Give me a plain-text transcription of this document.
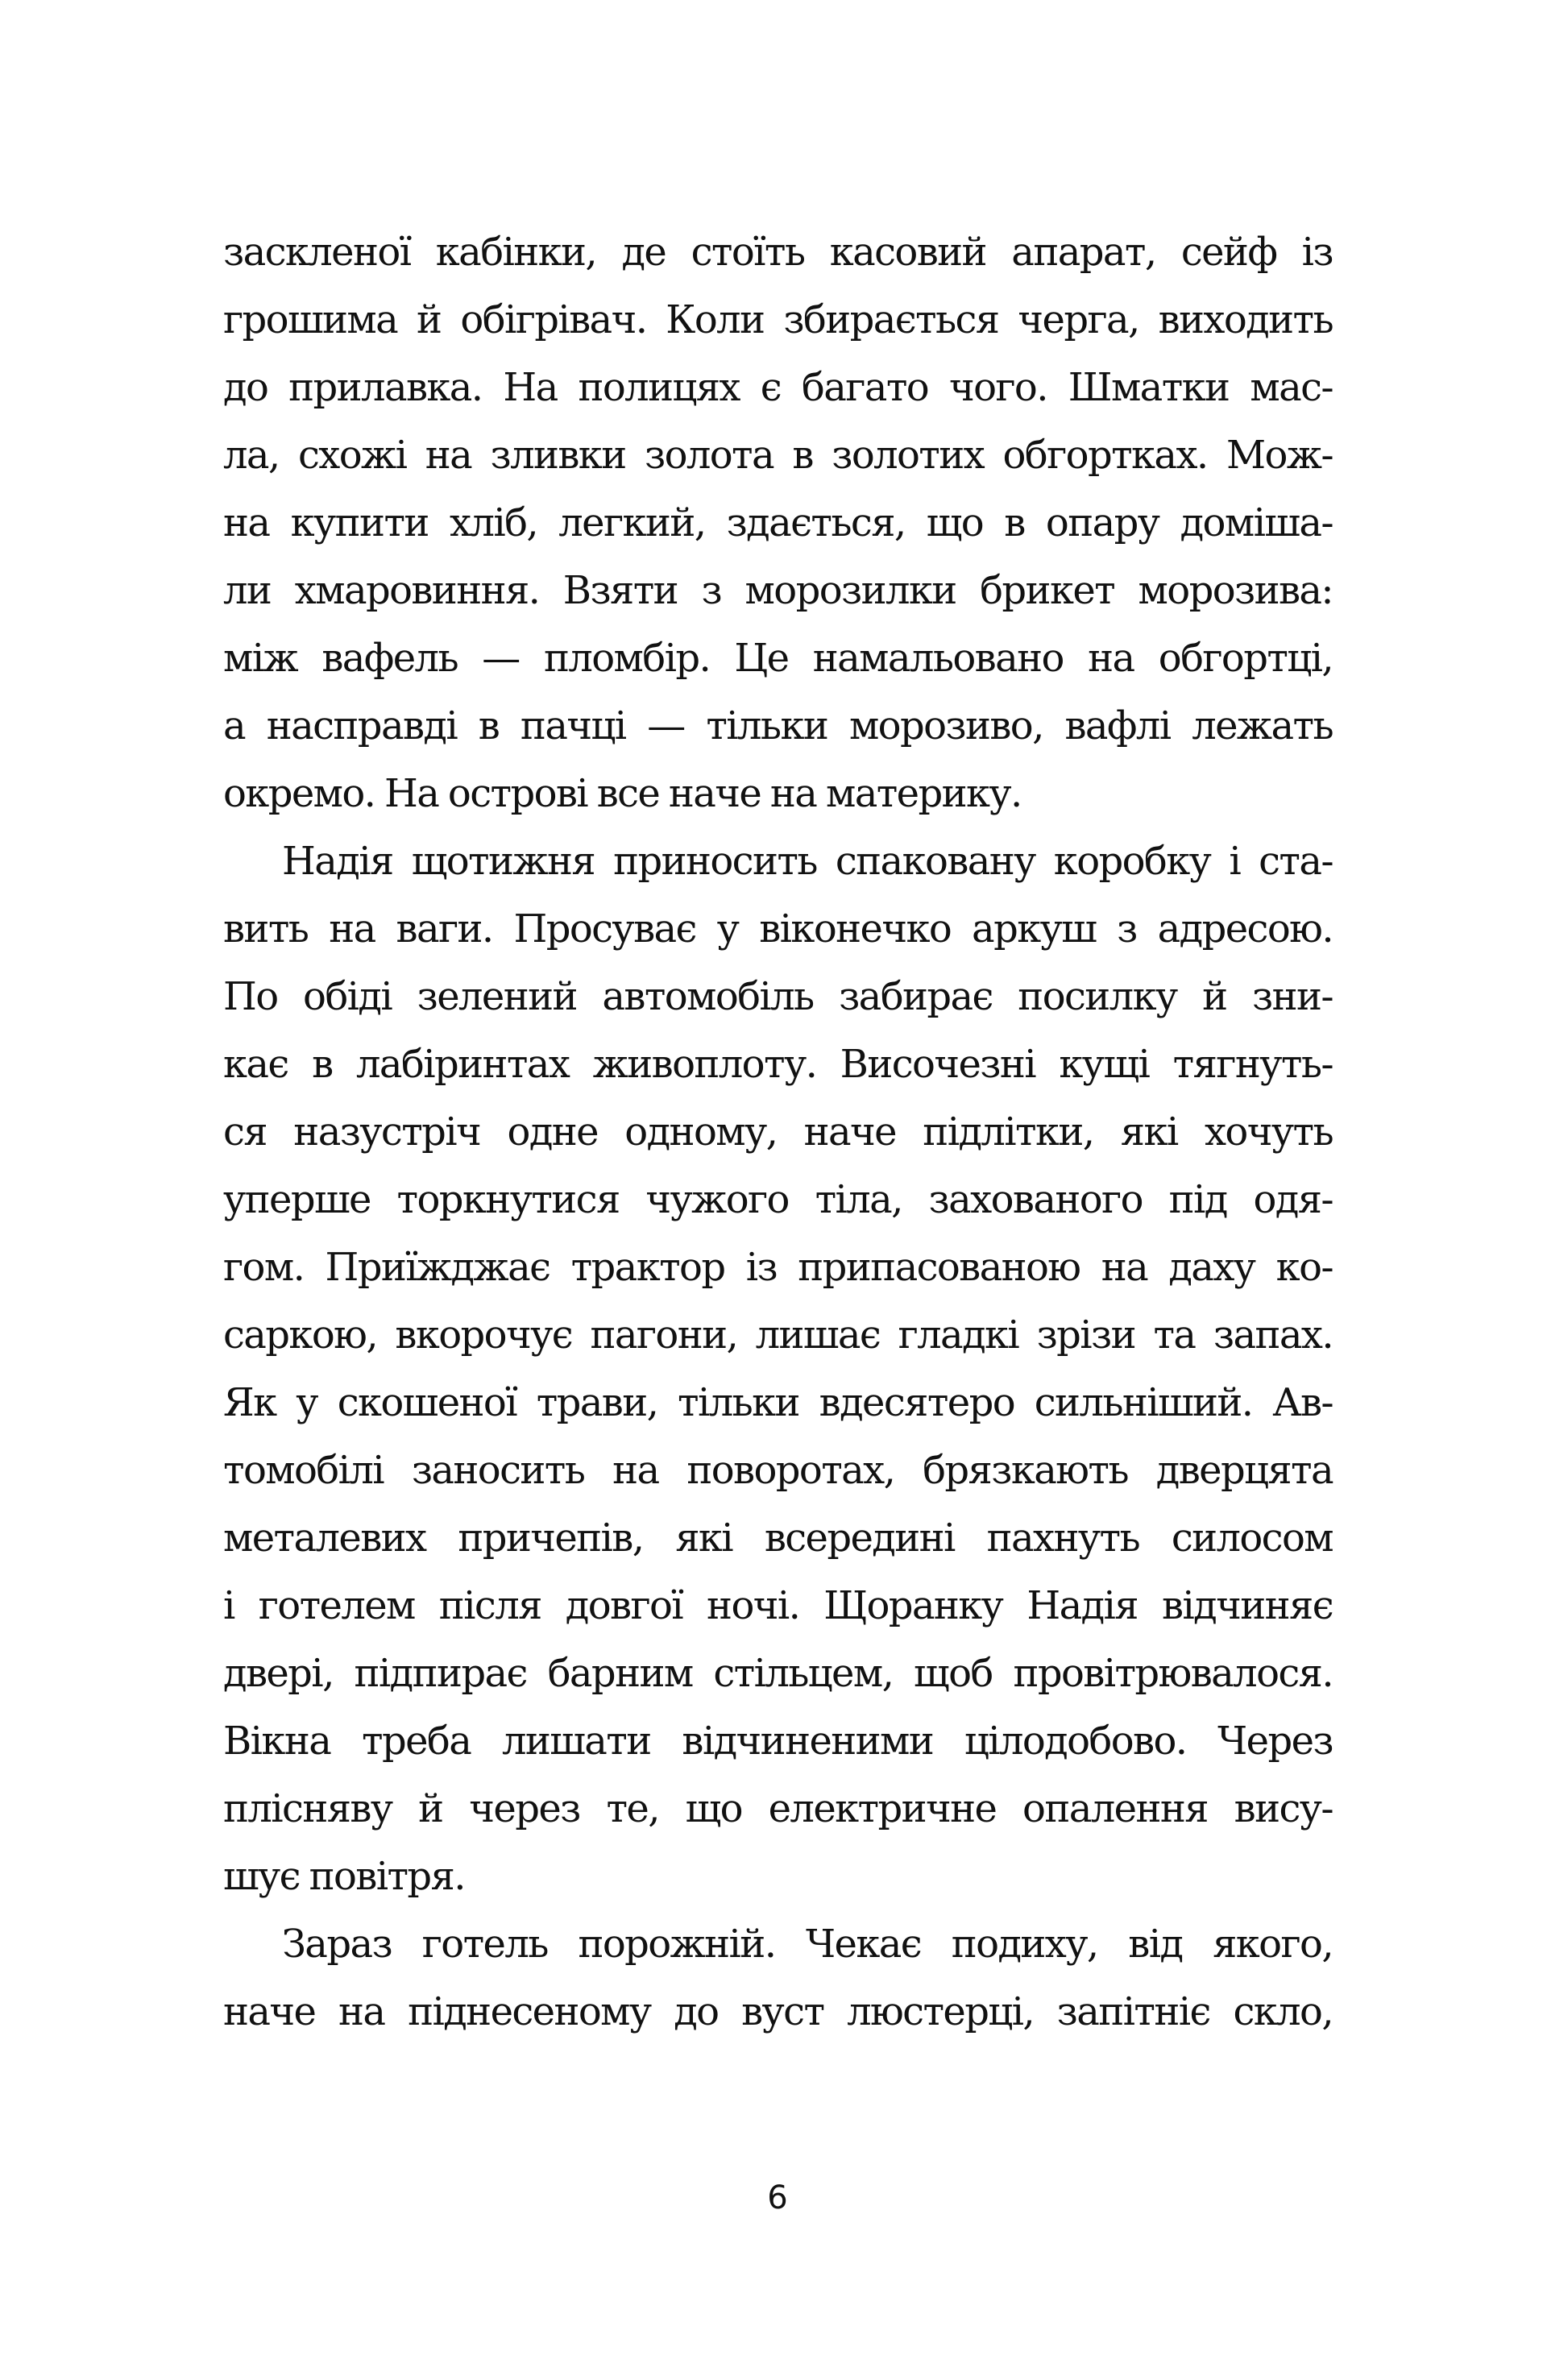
заскленої кабінки, де стоїть касовий апарат, сейф із
грошима й обігрівач. Коли збирається черга, виходить
до прилавка. На полицях є багато чого. Шматки мас-
ла, схожі на зливки золота в золотих обгортках. Мож-
на купити хліб, легкий, здається, що в опару доміша-
ли хмаровиння. Взяти з морозилки брикет морозива:
між вафель — пломбір. Це намальовано на обгортці,
а насправді в пачці — тільки морозиво, вафлі лежать
окремо. На острові все наче на материку.
Надія щотижня приносить спаковану коробку і ста-
вить на ваги. Просуває у віконечко аркуш з адресою.
По обіді зелений автомобіль забирає посилку й зни-
кає в лабіринтах живоплоту. Височезні кущі тягнуть-
ся назустріч одне одному, наче підлітки, які хочуть
уперше торкнутися чужого тіла, захованого під одя-
гом. Приїжджає трактор із припасованою на даху ко-
саркою, вкорочує пагони, лишає гладкі зрізи та запах.
Як у скошеної трави, тільки вдесятеро сильніший. Ав-
томобілі заносить на поворотах, брязкають дверцята
металевих причепів, які всередині пахнуть силосом
і готелем після довгої ночі. Щоранку Надія відчиняє
двері, підпирає барним стільцем, щоб провітрювалося.
Вікна треба лишати відчиненими цілодобово. Через
плісняву й через те, що електричне опалення вису-
шує повітря.
Зараз готель порожній. Чекає подиху, від якого,
наче на піднесеному до вуст люстерці, запітніє скло,
6
